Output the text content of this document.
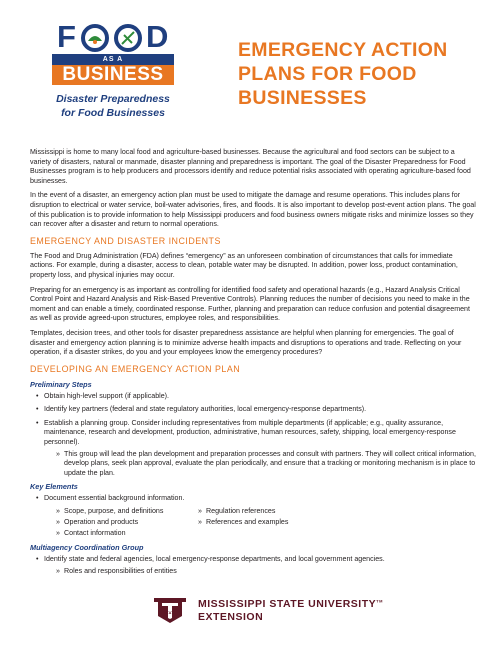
F D
AS A
BUSINESS
Disaster Preparedness
for Food Businesses
EMERGENCY ACTION PLANS FOR FOOD BUSINESSES

Mississippi is home to many local food and agriculture-based businesses. Because the agricultural and food sectors can be subject to a variety of disasters, natural or manmade, disaster planning and preparedness is important. The goal of the Disaster Preparedness for Food Businesses program is to help producers and processors identify and reduce potential risks associated with operating agriculture-based food businesses.

In the event of a disaster, an emergency action plan must be used to mitigate the damage and resume operations. This includes plans for disruption to electrical or water service, boil-water advisories, fires, and floods. It is also important to develop post-event action plans. The goal of this publication is to provide information to help Mississippi producers and food business owners mitigate risks and minimize losses so they can recover after a disaster and return to normal operations.

EMERGENCY AND DISASTER INCIDENTS

The Food and Drug Administration (FDA) defines “emergency” as an unforeseen combination of circumstances that calls for immediate actions. For example, during a disaster, access to clean, potable water may be disrupted. In addition, power loss, product contamination, property loss, and physical injuries may occur.

Preparing for an emergency is as important as controlling for identified food safety and operational hazards (e.g., Hazard Analysis Critical Control Point and Hazard Analysis and Risk-Based Preventive Controls). Planning reduces the number of decisions you need to make in the moment and can enable a timely, coordinated response. Further, planning and preparation can reduce confusion and potential disagreement as well as provide agreed-upon structures, employee roles, and responsibilities.

Templates, decision trees, and other tools for disaster preparedness assistance are helpful when planning for emergencies. The goal of disaster and emergency action planning is to minimize adverse health impacts and disruptions to operations and trade. Reflecting on your operation, if a disaster strikes, do you and your employees know the emergency procedures?

DEVELOPING AN EMERGENCY ACTION PLAN
Preliminary Steps
• Obtain high-level support (if applicable).
• Identify key partners (federal and state regulatory authorities, local emergency-response departments).
• Establish a planning group. Consider including representatives from multiple departments (if applicable; e.g., quality assurance, maintenance, research and development, production, administrative, human resources, safety, shipping, local emergency-response personnel).
» This group will lead the plan development and preparation processes and consult with partners. They will collect critical information, develop plans, seek plan approval, evaluate the plan periodically, and ensure that a tracking or monitoring mechanism is in place to update the plan.
Key Elements
• Document essential background information.
» Scope, purpose, and definitions
» Operation and products
» Contact information
» Regulation references
» References and examples
Multiagency Coordination Group
• Identify state and federal agencies, local emergency-response departments, and local government agencies.
» Roles and responsibilities of entities
STATE
MISSISSIPPI STATE UNIVERSITY™
EXTENSION
